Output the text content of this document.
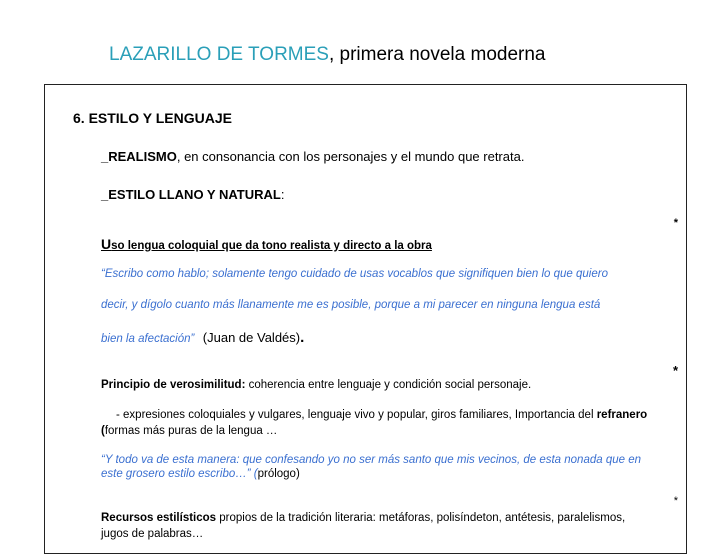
LAZARILLO DE TORMES, primera novela moderna
6. ESTILO Y LENGUAJE
_REALISMO, en consonancia con los personajes y el mundo que retrata.
_ESTILO LLANO Y NATURAL:
*
Uso lengua coloquial que da tono realista y directo a la obra
“Escribo como hablo; solamente tengo cuidado de usas vocablos que signifiquen bien lo que quiero
decir, y dígolo cuanto más llanamente me es posible, porque a mi parecer en ninguna lengua está
bien la afectación” (Juan de Valdés).
*
Principio de verosimilitud: coherencia entre lenguaje y condición social personaje.
- expresiones coloquiales y vulgares, lenguaje vivo y popular, giros familiares, Importancia del refranero
(formas más puras de la lengua …
“Y todo va de esta manera: que confesando yo no ser más santo que mis vecinos, de esta nonada que en
este grosero estilo escribo…” (prólogo)
*
Recursos estilísticos propios de la tradición literaria: metáforas, polisíndeton, antétesis, paralelismos,
jugos de palabras…
